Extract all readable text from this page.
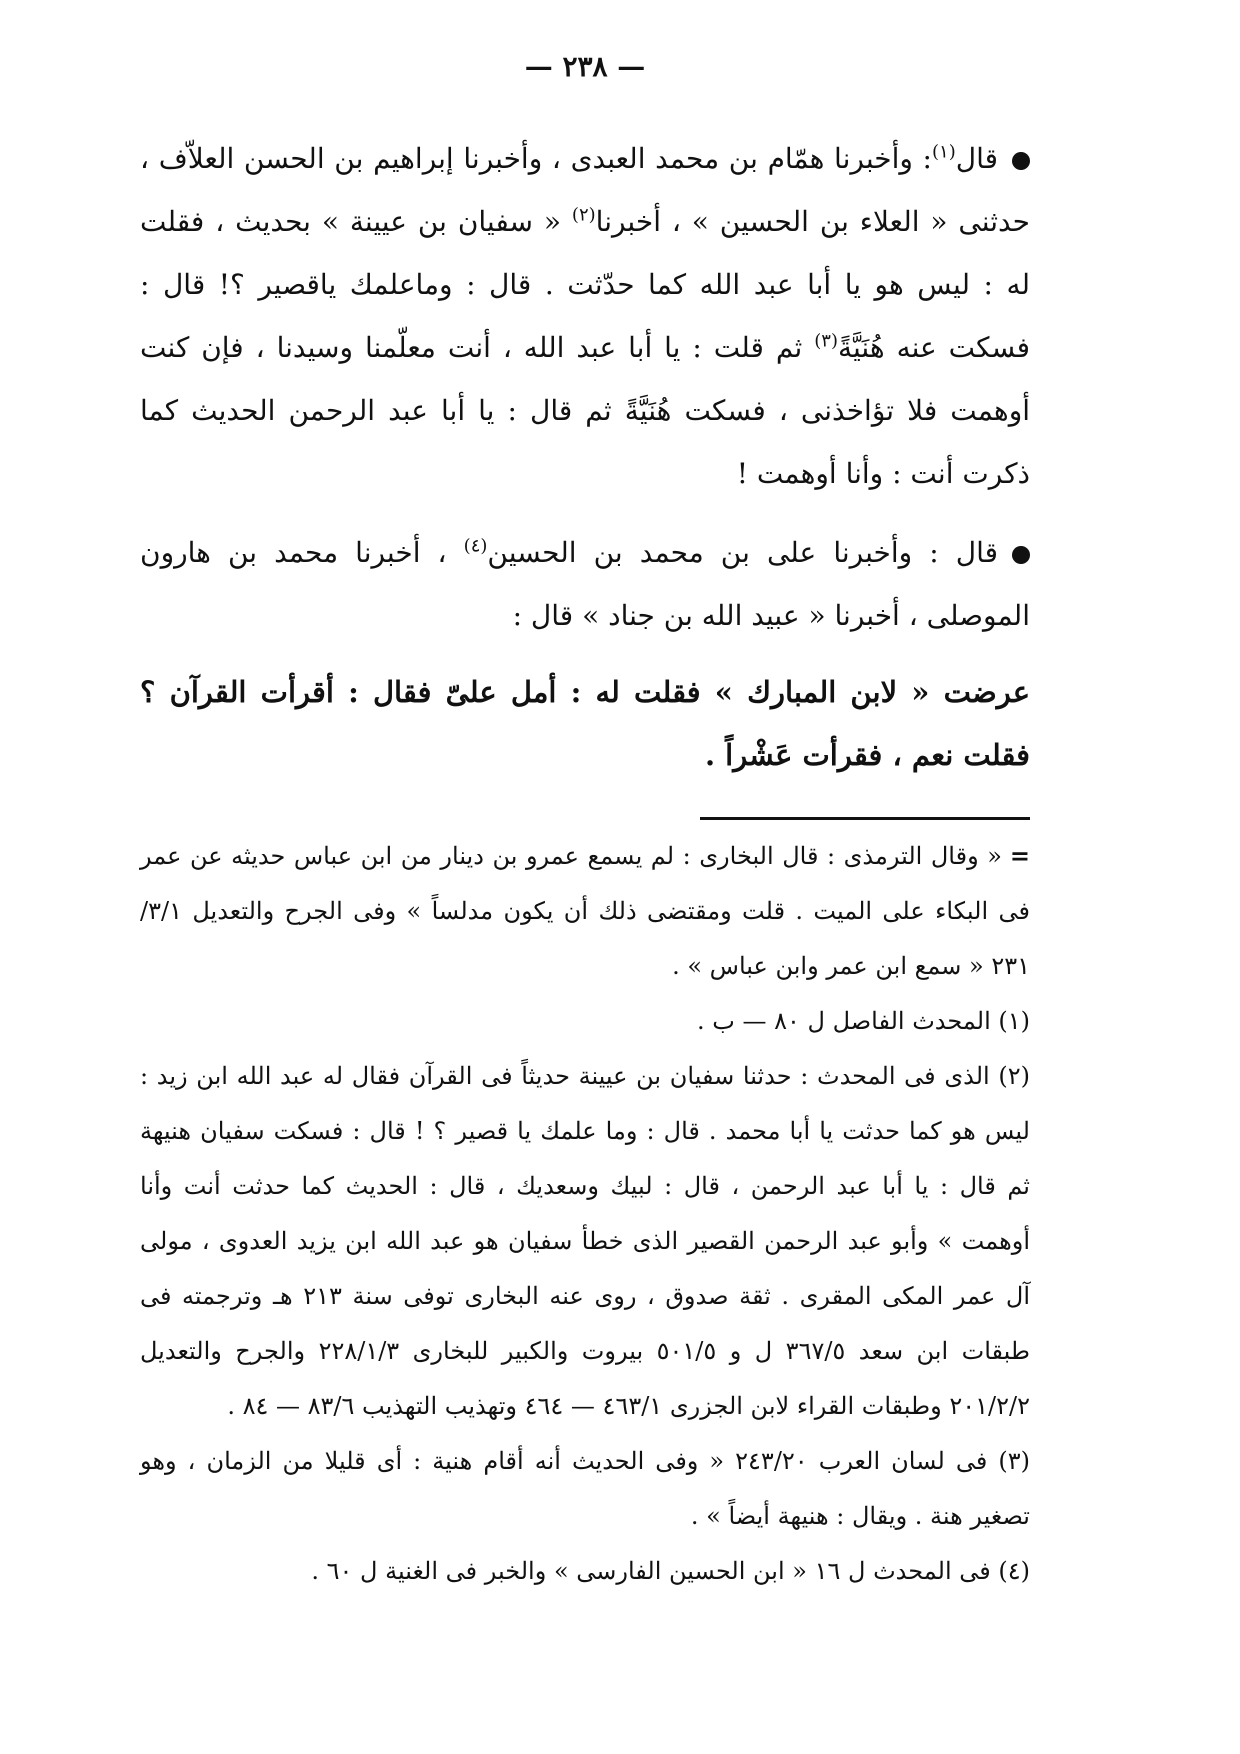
— ٢٣٨ —

قال$^{(١)}$: وأخبرنا همّام بن محمد العبدى ، وأخبرنا إبراهيم بن الحسن العلاّف ، حدثنى « العلاء بن الحسين » ، أخبرنا$^{(٢)}$ « سفيان بن عيينة » بحديث ، فقلت له : ليس هو يا أبا عبد الله كما حدّثت . قال : وماعلمك ياقصير ؟! قال : فسكت عنه هُنَيَّةً$^{(٣)}$ ثم قلت : يا أبا عبد الله ، أنت معلّمنا وسيدنا ، فإن كنت أوهمت فلا تؤاخذنى ، فسكت هُنَيَّةً ثم قال : يا أبا عبد الرحمن الحديث كما ذكرت أنت : وأنا أوهمت !

قال : وأخبرنا على بن محمد بن الحسين$^{(٤)}$ ، أخبرنا محمد بن هارون الموصلى ، أخبرنا « عبيد الله بن جناد » قال :

عرضت « لابن المبارك » فقلت له : أمل علىّ فقال : أقرأت القرآن ؟ فقلت نعم ، فقرأت عَشْراً .

=« وقال الترمذى : قال البخارى : لم يسمع عمرو بن دينار من ابن عباس حديثه عن عمر فى البكاء على الميت . قلت ومقتضى ذلك أن يكون مدلساً » وفى الجرح والتعديل ٣/١/ ٢٣١ « سمع ابن عمر وابن عباس » .

(١) المحدث الفاصل ل ٨٠ — ب .

(٢) الذى فى المحدث : حدثنا سفيان بن عيينة حديثاً فى القرآن فقال له عبد الله ابن زيد : ليس هو كما حدثت يا أبا محمد . قال : وما علمك يا قصير ؟ ! قال : فسكت سفيان هنيهة ثم قال : يا أبا عبد الرحمن ، قال : لبيك وسعديك ، قال : الحديث كما حدثت أنت وأنا أوهمت » وأبو عبد الرحمن القصير الذى خطأ سفيان هو عبد الله ابن يزيد العدوى ، مولى آل عمر المكى المقرى . ثقة صدوق ، روى عنه البخارى توفى سنة ٢١٣ هـ وترجمته فى طبقات ابن سعد ٣٦٧/٥ ل و ٥٠١/٥ بيروت والكبير للبخارى ٢٢٨/١/٣ والجرح والتعديل ٢٠١/٢/٢ وطبقات القراء لابن الجزرى ٤٦٣/١ — ٤٦٤ وتهذيب التهذيب ٨٣/٦ — ٨٤ .

(٣) فى لسان العرب ٢٤٣/٢٠ « وفى الحديث أنه أقام هنية : أى قليلا من الزمان ، وهو تصغير هنة . ويقال : هنيهة أيضاً » .

(٤) فى المحدث ل ١٦ « ابن الحسين الفارسى » والخبر فى الغنية ل ٦٠ .
